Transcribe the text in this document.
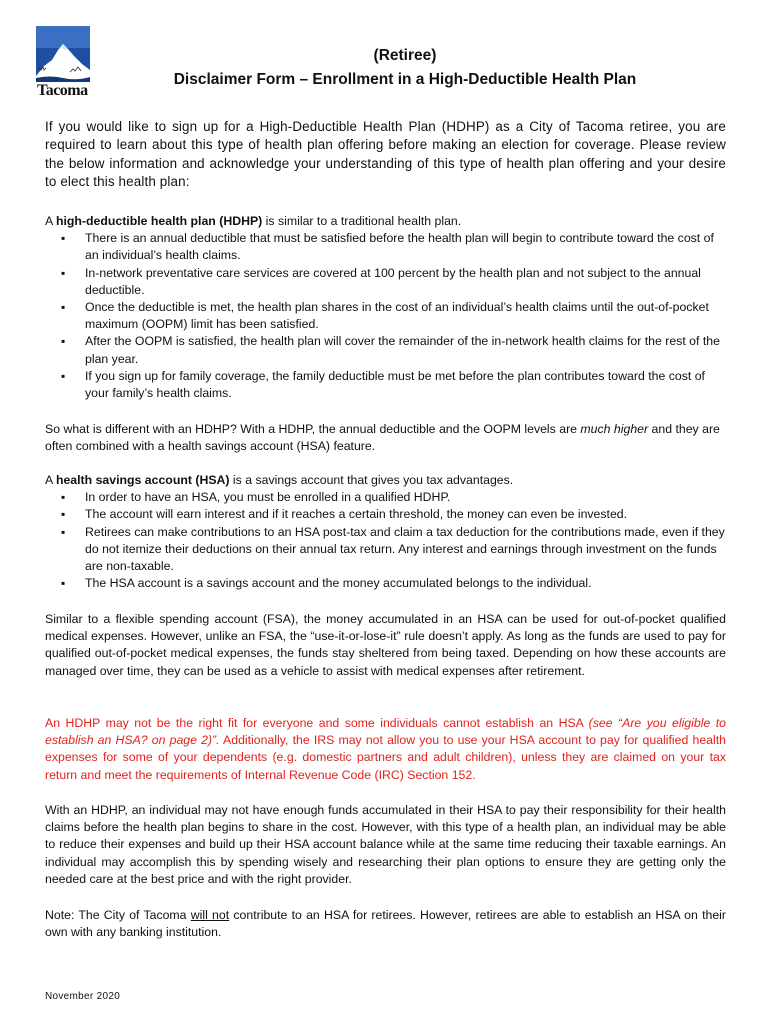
Tacoma

(Retiree)

Disclaimer Form – Enrollment in a High-Deductible Health Plan

If you would like to sign up for a High-Deductible Health Plan (HDHP) as a City of Tacoma retiree, you are required to learn about this type of health plan offering before making an election for coverage. Please review the below information and acknowledge your understanding of this type of health plan offering and your desire to elect this health plan:

A high-deductible health plan (HDHP) is similar to a traditional health plan.

▪ There is an annual deductible that must be satisfied before the health plan will begin to contribute toward the cost of an individual’s health claims.
▪ In-network preventative care services are covered at 100 percent by the health plan and not subject to the annual deductible.
▪ Once the deductible is met, the health plan shares in the cost of an individual’s health claims until the out-of-pocket maximum (OOPM) limit has been satisfied.
▪ After the OOPM is satisfied, the health plan will cover the remainder of the in-network health claims for the rest of the plan year.
▪ If you sign up for family coverage, the family deductible must be met before the plan contributes toward the cost of your family’s health claims.

So what is different with an HDHP? With a HDHP, the annual deductible and the OOPM levels are much higher and they are often combined with a health savings account (HSA) feature.

A health savings account (HSA) is a savings account that gives you tax advantages.

▪ In order to have an HSA, you must be enrolled in a qualified HDHP.
▪ The account will earn interest and if it reaches a certain threshold, the money can even be invested.
▪ Retirees can make contributions to an HSA post-tax and claim a tax deduction for the contributions made, even if they do not itemize their deductions on their annual tax return. Any interest and earnings through investment on the funds are non-taxable.
▪ The HSA account is a savings account and the money accumulated belongs to the individual.
Similar to a flexible spending account (FSA), the money accumulated in an HSA can be used for out-of-pocket qualified medical expenses. However, unlike an FSA, the “use-it-or-lose-it” rule doesn’t apply. As long as the funds are used to pay for qualified out-of-pocket medical expenses, the funds stay sheltered from being taxed. Depending on how these accounts are managed over time, they can be used as a vehicle to assist with medical expenses after retirement.

An HDHP may not be the right fit for everyone and some individuals cannot establish an HSA (see “Are you eligible to establish an HSA? on page 2)”. Additionally, the IRS may not allow you to use your HSA account to pay for qualified health expenses for some of your dependents (e.g. domestic partners and adult children), unless they are claimed on your tax return and meet the requirements of Internal Revenue Code (IRC) Section 152.

With an HDHP, an individual may not have enough funds accumulated in their HSA to pay their responsibility for their health claims before the health plan begins to share in the cost. However, with this type of a health plan, an individual may be able to reduce their expenses and build up their HSA account balance while at the same time reducing their taxable earnings. An individual may accomplish this by spending wisely and researching their plan options to ensure they are getting only the needed care at the best price and with the right provider.

Note: The City of Tacoma will not contribute to an HSA for retirees. However, retirees are able to establish an HSA on their own with any banking institution.

November 2020
